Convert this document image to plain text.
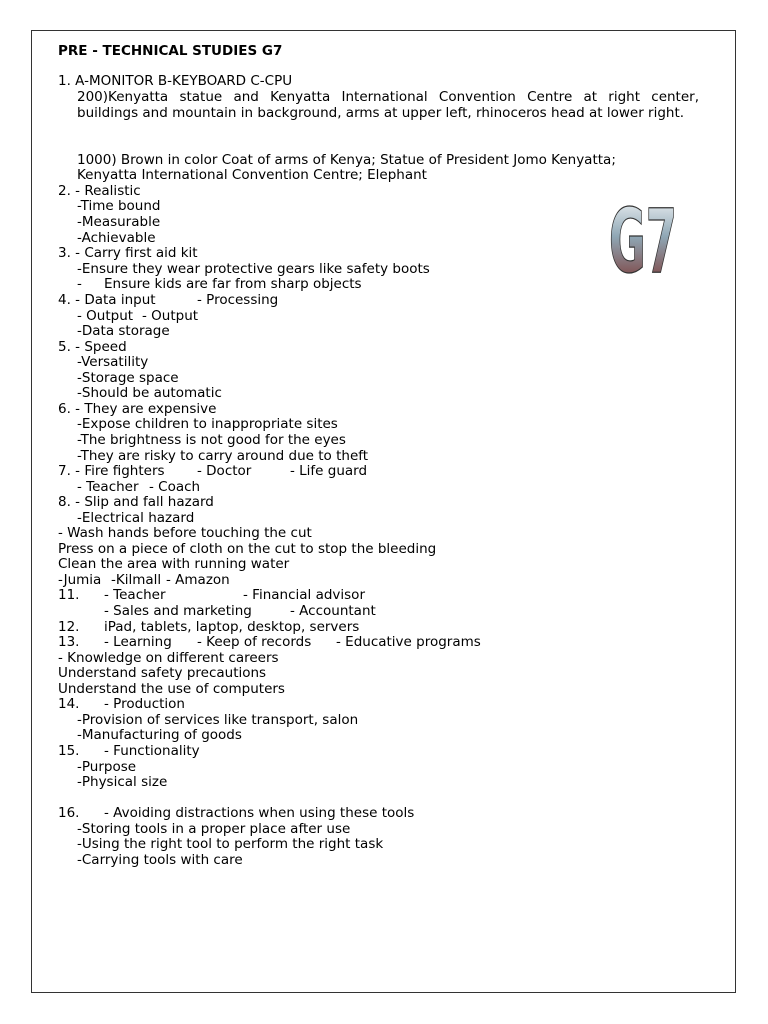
PRE - TECHNICAL STUDIES G7
1. A-MONITOR B-KEYBOARD C-CPU
200)Kenyatta statue and Kenyatta International Convention Centre at right center, buildings and mountain in background, arms at upper left, rhinoceros head at lower right.
1000) Brown in color Coat of arms of Kenya; Statue of President Jomo Kenyatta;
Kenyatta International Convention Centre; Elephant
2. - Realistic
-Time bound
-Measurable
-Achievable
3. - Carry first aid kit
-Ensure they wear protective gears like safety boots
- Ensure kids are far from sharp objects
4. - Data input	- Processing
- Output - Output
-Data storage
5. - Speed
-Versatility
-Storage space
-Should be automatic
6. - They are expensive
-Expose children to inappropriate sites
-The brightness is not good for the eyes
-They are risky to carry around due to theft
7. - Fire fighters - Doctor	- Life guard
- Teacher - Coach
8. - Slip and fall hazard
-Electrical hazard
- Wash hands before touching the cut
Press on a piece of cloth on the cut to stop the bleeding
Clean the area with running water
-Jumia -Kilmall - Amazon
11. - Teacher	- Financial advisor
- Sales and marketing	- Accountant
12. iPad, tablets, laptop, desktop, servers
13. - Learning - Keep of records - Educative programs
- Knowledge on different careers
Understand safety precautions
Understand the use of computers
14. - Production
-Provision of services like transport, salon
-Manufacturing of goods
15. - Functionality
-Purpose
-Physical size
16. - Avoiding distractions when using these tools
-Storing tools in a proper place after use
-Using the right tool to perform the right task
-Carrying tools with care
G7
